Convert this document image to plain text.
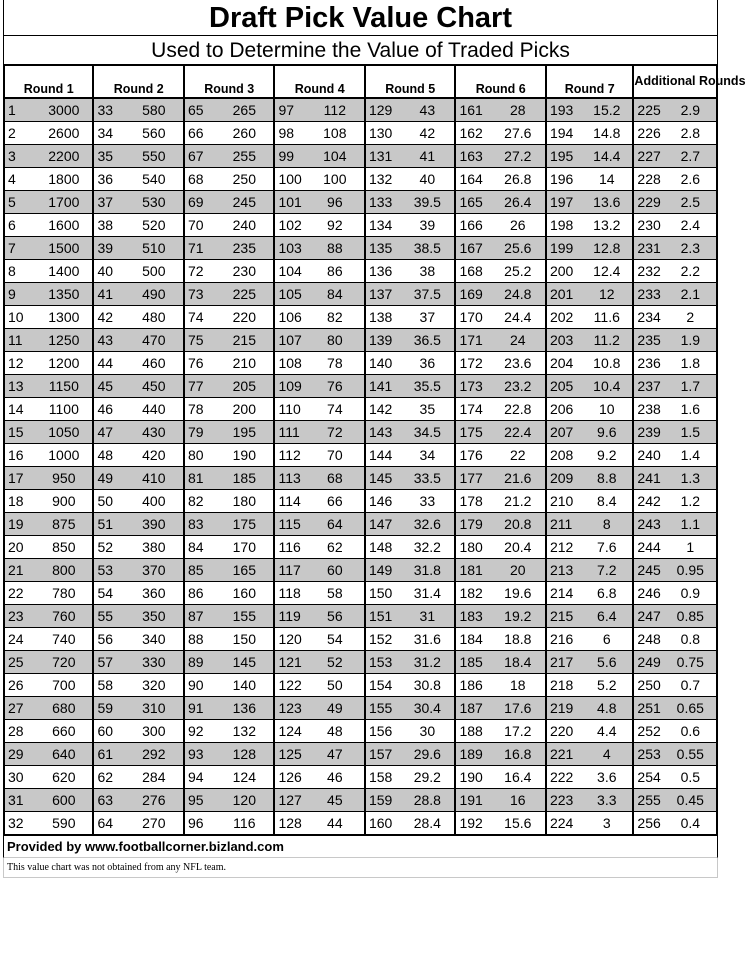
Draft Pick Value Chart
Used to Determine the Value of Traded Picks
Round 1		Round 2		Round 3		Round 4		Round 5		Round 6		Round 7		Additional Rounds	
1	3000	33	580	65	265	97	112	129	43	161	28	193	15.2	225	2.9
2	2600	34	560	66	260	98	108	130	42	162	27.6	194	14.8	226	2.8
3	2200	35	550	67	255	99	104	131	41	163	27.2	195	14.4	227	2.7
4	1800	36	540	68	250	100	100	132	40	164	26.8	196	14	228	2.6
5	1700	37	530	69	245	101	96	133	39.5	165	26.4	197	13.6	229	2.5
6	1600	38	520	70	240	102	92	134	39	166	26	198	13.2	230	2.4
7	1500	39	510	71	235	103	88	135	38.5	167	25.6	199	12.8	231	2.3
8	1400	40	500	72	230	104	86	136	38	168	25.2	200	12.4	232	2.2
9	1350	41	490	73	225	105	84	137	37.5	169	24.8	201	12	233	2.1
10	1300	42	480	74	220	106	82	138	37	170	24.4	202	11.6	234	2
11	1250	43	470	75	215	107	80	139	36.5	171	24	203	11.2	235	1.9
12	1200	44	460	76	210	108	78	140	36	172	23.6	204	10.8	236	1.8
13	1150	45	450	77	205	109	76	141	35.5	173	23.2	205	10.4	237	1.7
14	1100	46	440	78	200	110	74	142	35	174	22.8	206	10	238	1.6
15	1050	47	430	79	195	111	72	143	34.5	175	22.4	207	9.6	239	1.5
16	1000	48	420	80	190	112	70	144	34	176	22	208	9.2	240	1.4
17	950	49	410	81	185	113	68	145	33.5	177	21.6	209	8.8	241	1.3
18	900	50	400	82	180	114	66	146	33	178	21.2	210	8.4	242	1.2
19	875	51	390	83	175	115	64	147	32.6	179	20.8	211	8	243	1.1
20	850	52	380	84	170	116	62	148	32.2	180	20.4	212	7.6	244	1
21	800	53	370	85	165	117	60	149	31.8	181	20	213	7.2	245	0.95
22	780	54	360	86	160	118	58	150	31.4	182	19.6	214	6.8	246	0.9
23	760	55	350	87	155	119	56	151	31	183	19.2	215	6.4	247	0.85
24	740	56	340	88	150	120	54	152	31.6	184	18.8	216	6	248	0.8
25	720	57	330	89	145	121	52	153	31.2	185	18.4	217	5.6	249	0.75
26	700	58	320	90	140	122	50	154	30.8	186	18	218	5.2	250	0.7
27	680	59	310	91	136	123	49	155	30.4	187	17.6	219	4.8	251	0.65
28	660	60	300	92	132	124	48	156	30	188	17.2	220	4.4	252	0.6
29	640	61	292	93	128	125	47	157	29.6	189	16.8	221	4	253	0.55
30	620	62	284	94	124	126	46	158	29.2	190	16.4	222	3.6	254	0.5
31	600	63	276	95	120	127	45	159	28.8	191	16	223	3.3	255	0.45
32	590	64	270	96	116	128	44	160	28.4	192	15.6	224	3	256	0.4
Provided by www.footballcorner.bizland.com
This value chart was not obtained from any NFL team.
